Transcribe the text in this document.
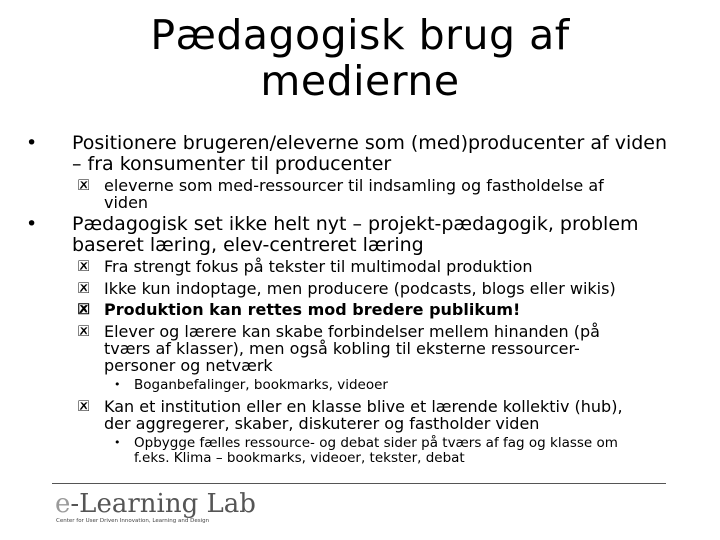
Pædagogisk brug af
medierne
• Positionere brugeren/eleverne som (med)producenter af viden
– fra konsumenter til producenter
🗷 eleverne som med-ressourcer til indsamling og fastholdelse af
viden
• Pædagogisk set ikke helt nyt – projekt-pædagogik, problem
baseret læring, elev-centreret læring
🗷 Fra strengt fokus på tekster til multimodal produktion
🗷 Ikke kun indoptage, men producere (podcasts, blogs eller wikis)
🗷 Produktion kan rettes mod bredere publikum!
🗷 Elever og lærere kan skabe forbindelser mellem hinanden (på
tværs af klasser), men også kobling til eksterne ressourcer-
personer og netværk
• Boganbefalinger, bookmarks, videoer
🗷 Kan et institution eller en klasse blive et lærende kollektiv (hub),
der aggregerer, skaber, diskuterer og fastholder viden
• Opbygge fælles ressource- og debat sider på tværs af fag og klasse om
f.eks. Klima – bookmarks, videoer, tekster, debat
e-Learning Lab
Center for User Driven Innovation, Learning and Design
